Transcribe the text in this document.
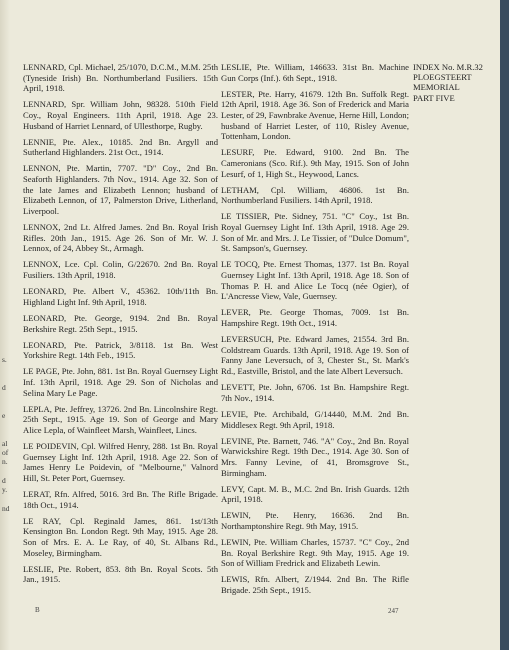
s.
d
e
al
of
n.
d
y.
nd

LENNARD, Cpl. Michael, 25/1070, D.C.M., M.M. 25th (Tyneside Irish) Bn. Northumberland Fusiliers. 15th April, 1918.

LENNARD, Spr. William John, 98328. 510th Field Coy., Royal Engineers. 11th April, 1918. Age 23. Husband of Harriet Lennard, of Ullesthorpe, Rugby.

LENNIE, Pte. Alex., 10185. 2nd Bn. Argyll and Sutherland Highlanders. 21st Oct., 1914.

LENNON, Pte. Martin, 7707. "D" Coy., 2nd Bn. Seaforth Highlanders. 7th Nov., 1914. Age 32. Son of the late James and Elizabeth Lennon; husband of Elizabeth Lennon, of 17, Palmerston Drive, Litherland, Liverpool.

LENNOX, 2nd Lt. Alfred James. 2nd Bn. Royal Irish Rifles. 20th Jan., 1915. Age 26. Son of Mr. W. J. Lennox, of 24, Abbey St., Armagh.

LENNOX, Lce. Cpl. Colin, G/22670. 2nd Bn. Royal Fusiliers. 13th April, 1918.

LEONARD, Pte. Albert V., 45362. 10th/11th Bn. Highland Light Inf. 9th April, 1918.

LEONARD, Pte. George, 9194. 2nd Bn. Royal Berkshire Regt. 25th Sept., 1915.

LEONARD, Pte. Patrick, 3/8118. 1st Bn. West Yorkshire Regt. 14th Feb., 1915.

LE PAGE, Pte. John, 881. 1st Bn. Royal Guernsey Light Inf. 13th April, 1918. Age 29. Son of Nicholas and Selina Mary Le Page.

LEPLA, Pte. Jeffrey, 13726. 2nd Bn. Lincolnshire Regt. 25th Sept., 1915. Age 19. Son of George and Mary Alice Lepla, of Wainfleet Marsh, Wainfleet, Lincs.

LE POIDEVIN, Cpl. Wilfred Henry, 288. 1st Bn. Royal Guernsey Light Inf. 12th April, 1918. Age 22. Son of James Henry Le Poidevin, of "Melbourne," Valnord Hill, St. Peter Port, Guernsey.

LERAT, Rfn. Alfred, 5016. 3rd Bn. The Rifle Brigade. 18th Oct., 1914.

LE RAY, Cpl. Reginald James, 861. 1st/13th Kensington Bn. London Regt. 9th May, 1915. Age 28. Son of Mrs. E. A. Le Ray, of 40, St. Albans Rd., Moseley, Birmingham.

LESLIE, Pte. Robert, 853. 8th Bn. Royal Scots. 5th Jan., 1915.

LESLIE, Pte. William, 146633. 31st Bn. Machine Gun Corps (Inf.). 6th Sept., 1918.

LESTER, Pte. Harry, 41679. 12th Bn. Suffolk Regt. 12th April, 1918. Age 36. Son of Frederick and Maria Lester, of 29, Fawnbrake Avenue, Herne Hill, London; husband of Harriet Lester, of 110, Risley Avenue, Tottenham, London.

LESURF, Pte. Edward, 9100. 2nd Bn. The Cameronians (Sco. Rif.). 9th May, 1915. Son of John Lesurf, of 1, High St., Heywood, Lancs.

LETHAM, Cpl. William, 46806. 1st Bn. Northumberland Fusiliers. 14th April, 1918.

LE TISSIER, Pte. Sidney, 751. "C" Coy., 1st Bn. Royal Guernsey Light Inf. 13th April, 1918. Age 29. Son of Mr. and Mrs. J. Le Tissier, of "Dulce Domum", St. Sampson's, Guernsey.

LE TOCQ, Pte. Ernest Thomas, 1377. 1st Bn. Royal Guernsey Light Inf. 13th April, 1918. Age 18. Son of Thomas P. H. and Alice Le Tocq (née Ogier), of L'Ancresse View, Vale, Guernsey.

LEVER, Pte. George Thomas, 7009. 1st Bn. Hampshire Regt. 19th Oct., 1914.

LEVERSUCH, Pte. Edward James, 21554. 3rd Bn. Coldstream Guards. 13th April, 1918. Age 19. Son of Fanny Jane Leversuch, of 3, Chester St., St. Mark's Rd., Eastville, Bristol, and the late Albert Leversuch.

LEVETT, Pte. John, 6706. 1st Bn. Hampshire Regt. 7th Nov., 1914.

LEVIE, Pte. Archibald, G/14440, M.M. 2nd Bn. Middlesex Regt. 9th April, 1918.

LEVINE, Pte. Barnett, 746. "A" Coy., 2nd Bn. Royal Warwickshire Regt. 19th Dec., 1914. Age 30. Son of Mrs. Fanny Levine, of 41, Bromsgrove St., Birmingham.

LEVY, Capt. M. B., M.C. 2nd Bn. Irish Guards. 12th April, 1918.

LEWIN, Pte. Henry, 16636. 2nd Bn. Northamptonshire Regt. 9th May, 1915.

LEWIN, Pte. William Charles, 15737. "C" Coy., 2nd Bn. Royal Berkshire Regt. 9th May, 1915. Age 19. Son of William Fredrick and Elizabeth Lewin.

LEWIS, Rfn. Albert, Z/1944. 2nd Bn. The Rifle Brigade. 25th Sept., 1915.

INDEX No. M.R.32
PLOEGSTEERT
MEMORIAL
PART FIVE
B	247
